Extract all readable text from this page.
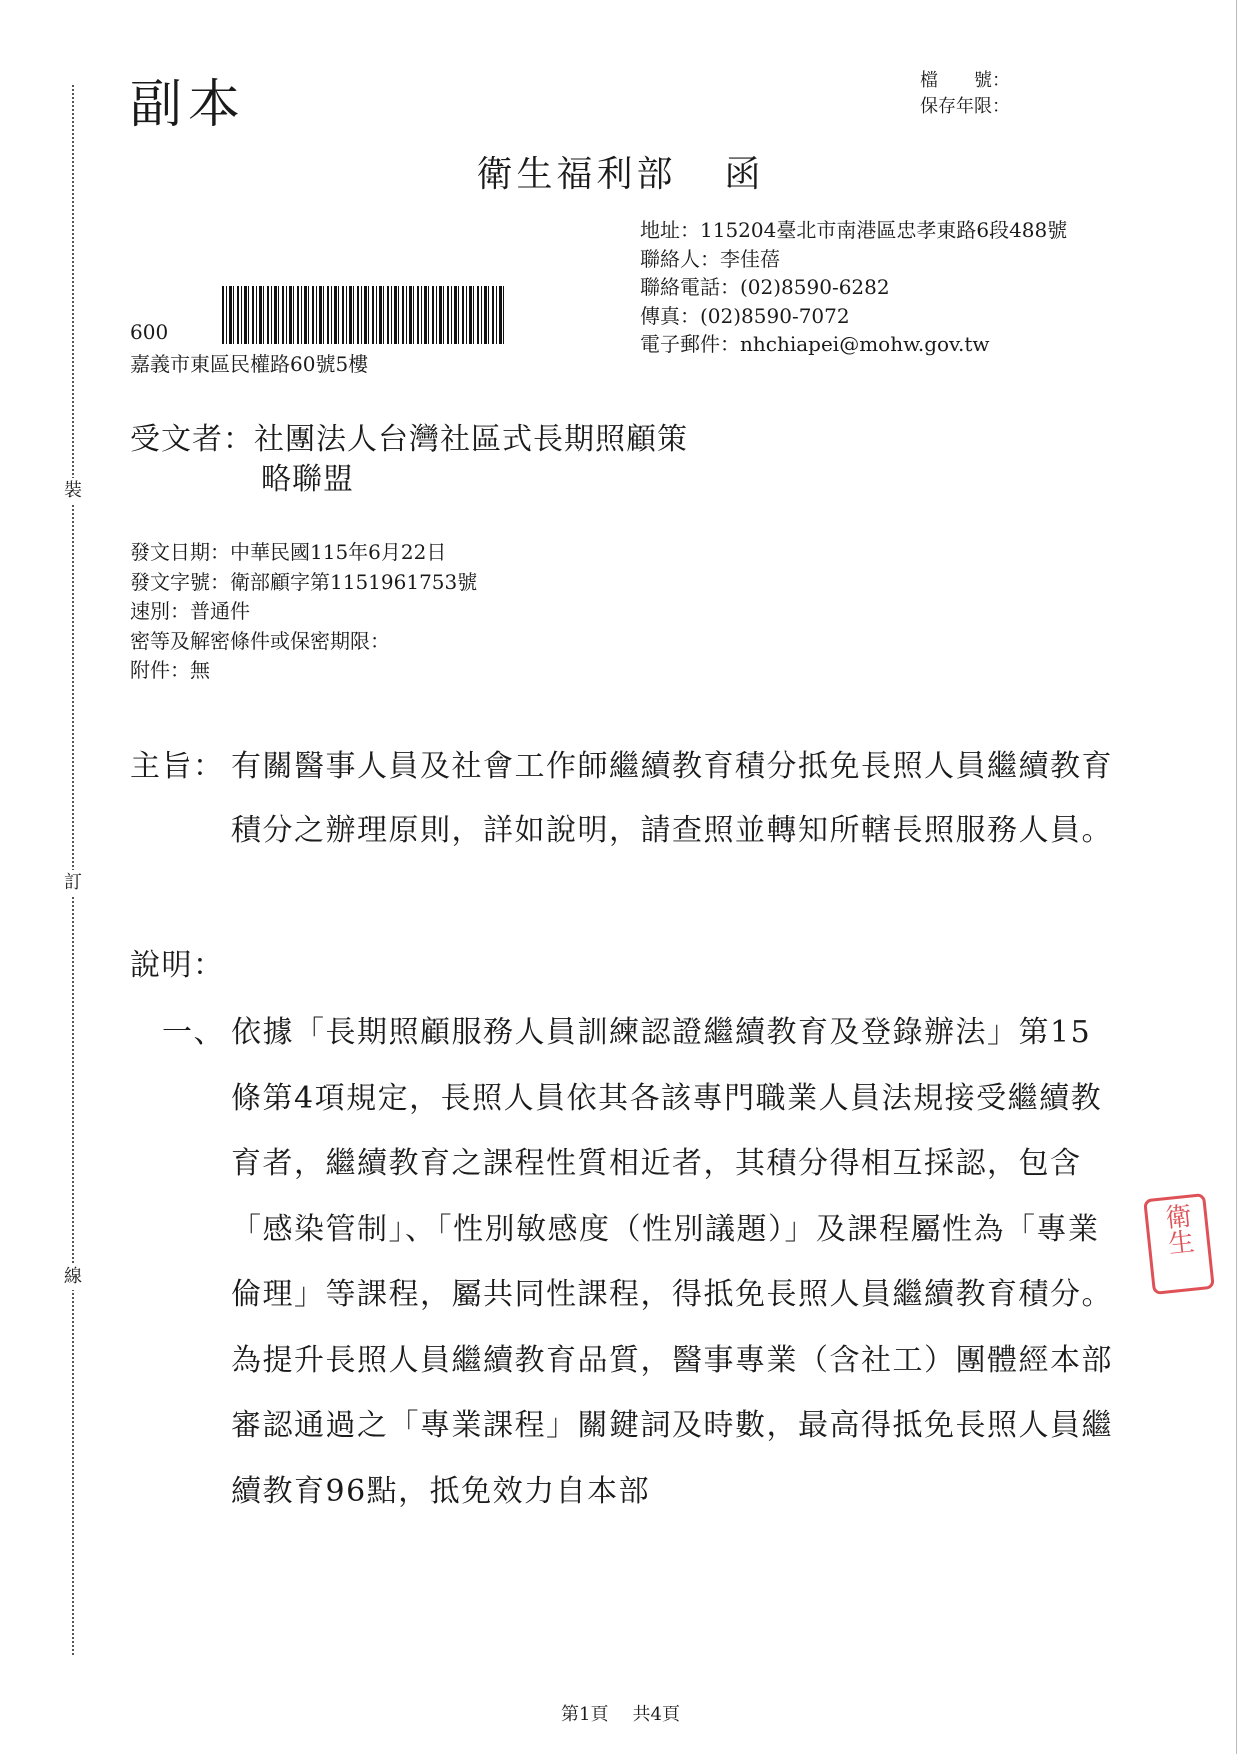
裝
訂
線
副本	檔　　號：
保存年限：
衛生福利部 函
地址：115204臺北市南港區忠孝東路6段488號
聯絡人：李佳蓓
聯絡電話：(02)8590-6282
傳真：(02)8590-7072
電子郵件：nhchiapei@mohw.gov.tw
600
嘉義市東區民權路60號5樓
受文者：社團法人台灣社區式長期照顧策
略聯盟
發文日期：中華民國115年6月22日
發文字號：衛部顧字第1151961753號
速別：普通件
密等及解密條件或保密期限：
附件：無
主旨： 有關醫事人員及社會工作師繼續教育積分抵免長照人員繼續教育積分之辦理原則，詳如說明，請查照並轉知所轄長照服務人員。
說明：
一、 依據「長期照顧服務人員訓練認證繼續教育及登錄辦法」第15條第4項規定，長照人員依其各該專門職業人員法規接受繼續教育者，繼續教育之課程性質相近者，其積分得相互採認，包含「感染管制」、「性別敏感度（性別議題）」及課程屬性為「專業倫理」等課程，屬共同性課程，得抵免長照人員繼續教育積分。為提升長照人員繼續教育品質，醫事專業（含社工）團體經本部審認通過之「專業課程」關鍵詞及時數，最高得抵免長照人員繼續教育96點，抵免效力自本部
衛生
第1頁 共4頁
